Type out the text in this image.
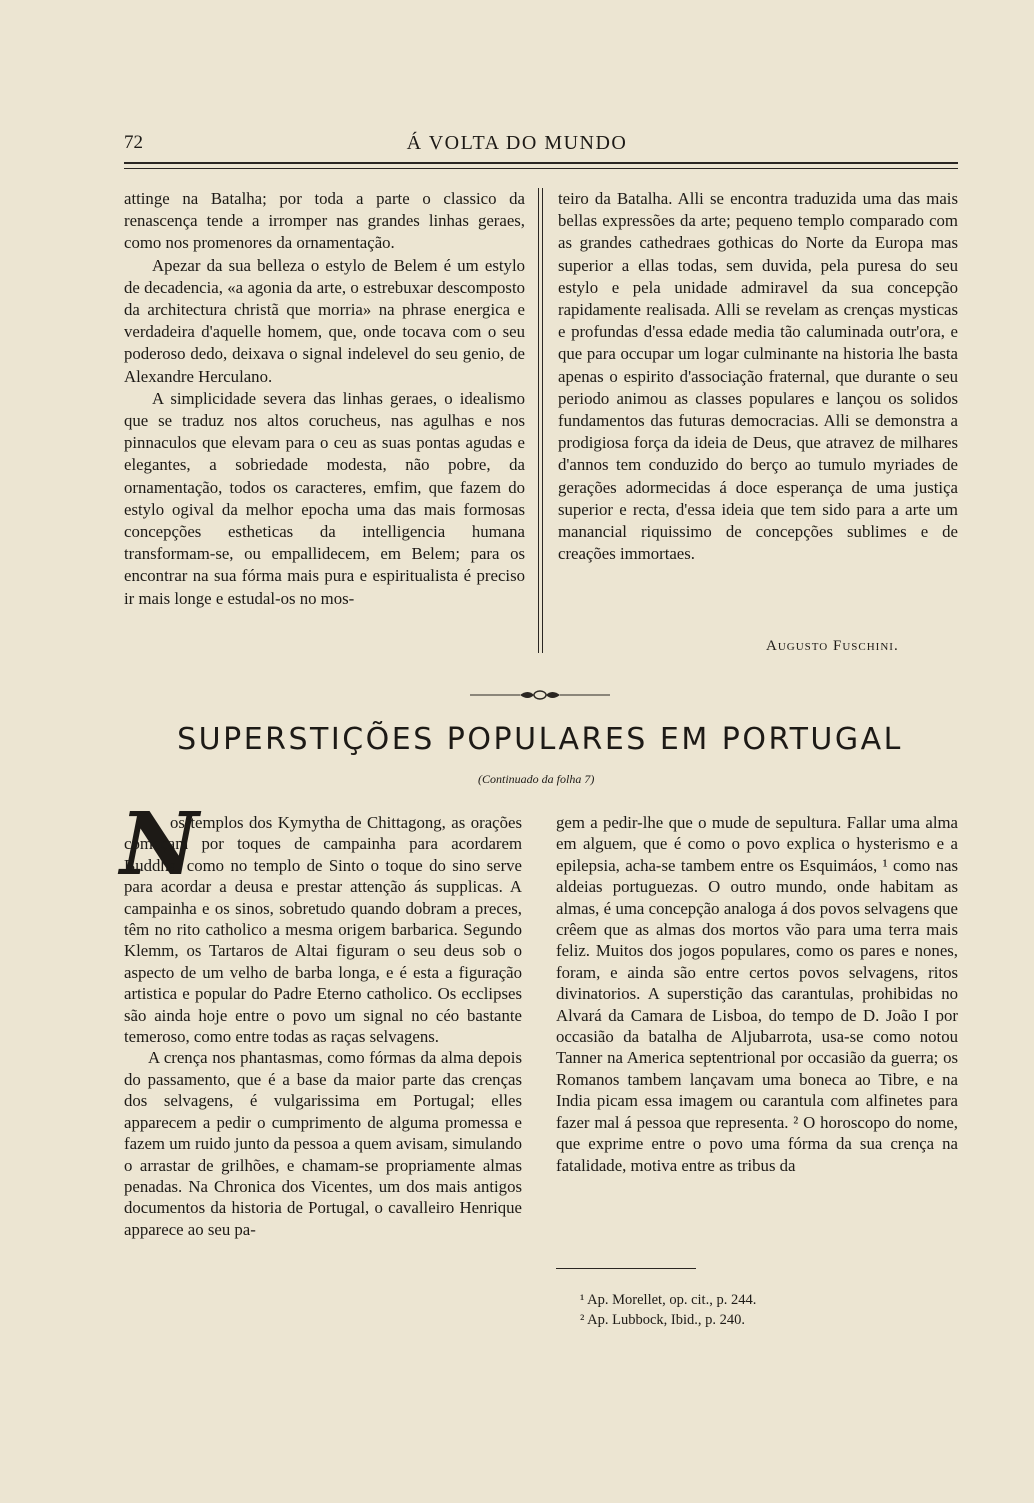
72	Á VOLTA DO MUNDO

attinge na Batalha; por toda a parte o classico da renascença tende a irromper nas grandes linhas geraes, como nos promenores da ornamentação.

Apezar da sua belleza o estylo de Belem é um estylo de decadencia, «a agonia da arte, o estrebuxar descomposto da architectura christã que morria» na phrase energica e verdadeira d'aquelle homem, que, onde tocava com o seu poderoso dedo, deixava o signal indelevel do seu genio, de Alexandre Herculano.

A simplicidade severa das linhas geraes, o idealismo que se traduz nos altos corucheus, nas agulhas e nos pinnaculos que elevam para o ceu as suas pontas agudas e elegantes, a sobriedade modesta, não pobre, da ornamentação, todos os caracteres, emfim, que fazem do estylo ogival da melhor epocha uma das mais formosas concepções estheticas da intelligencia humana transformam-se, ou empallidecem, em Belem; para os encontrar na sua fórma mais pura e espiritualista é preciso ir mais longe e estudal-os no mos-

teiro da Batalha. Alli se encontra traduzida uma das mais bellas expressões da arte; pequeno templo comparado com as grandes cathedraes gothicas do Norte da Europa mas superior a ellas todas, sem duvida, pela puresa do seu estylo e pela unidade admiravel da sua concepção rapidamente realisada. Alli se revelam as crenças mysticas e profundas d'essa edade media tão caluminada outr'ora, e que para occupar um logar culminante na historia lhe basta apenas o espirito d'associação fraternal, que durante o seu periodo animou as classes populares e lançou os solidos fundamentos das futuras democracias. Alli se demonstra a prodigiosa força da ideia de Deus, que atravez de milhares d'annos tem conduzido do berço ao tumulo myriades de gerações adormecidas á doce esperança de uma justiça superior e recta, d'essa ideia que tem sido para a arte um manancial riquissimo de concepções sublimes e de creações immortaes.

Augusto Fuschini.
SUPERSTIÇÕES POPULARES EM PORTUGAL
(Continuado da folha 7)
N

os templos dos Kymytha de Chittagong, as orações começam por toques de campainha para acordarem Buddha, como no templo de Sinto o toque do sino serve para acordar a deusa e prestar attenção ás supplicas. A campainha e os sinos, sobretudo quando dobram a preces, têm no rito catholico a mesma origem barbarica. Segundo Klemm, os Tartaros de Altai figuram o seu deus sob o aspecto de um velho de barba longa, e é esta a figuração artistica e popular do Padre Eterno catholico. Os ecclipses são ainda hoje entre o povo um signal no céo bastante temeroso, como entre todas as raças selvagens.

A crença nos phantasmas, como fórmas da alma depois do passamento, que é a base da maior parte das crenças dos selvagens, é vulgarissima em Portugal; elles apparecem a pedir o cumprimento de alguma promessa e fazem um ruido junto da pessoa a quem avisam, simulando o arrastar de grilhões, e chamam-se propriamente almas penadas. Na Chronica dos Vicentes, um dos mais antigos documentos da historia de Portugal, o cavalleiro Henrique apparece ao seu pa-

gem a pedir-lhe que o mude de sepultura. Fallar uma alma em alguem, que é como o povo explica o hysterismo e a epilepsia, acha-se tambem entre os Esquimáos, ¹ como nas aldeias portuguezas. O outro mundo, onde habitam as almas, é uma concepção analoga á dos povos selvagens que crêem que as almas dos mortos vão para uma terra mais feliz. Muitos dos jogos populares, como os pares e nones, foram, e ainda são entre certos povos selvagens, ritos divinatorios. A superstição das carantulas, prohibidas no Alvará da Camara de Lisboa, do tempo de D. João I por occasião da batalha de Aljubarrota, usa-se como notou Tanner na America septentrional por occasião da guerra; os Romanos tambem lançavam uma boneca ao Tibre, e na India picam essa imagem ou carantula com alfinetes para fazer mal á pessoa que representa. ² O horoscopo do nome, que exprime entre o povo uma fórma da sua crença na fatalidade, motiva entre as tribus da

¹ Ap. Morellet, op. cit., p. 244.
² Ap. Lubbock, Ibid., p. 240.
